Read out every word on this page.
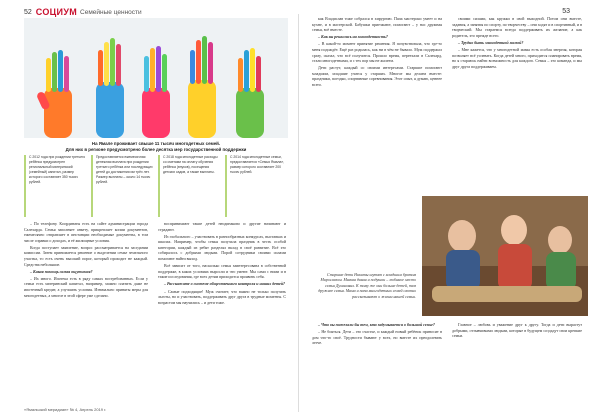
52 СОЦИУМ Семейные ценности
На Ямале проживает свыше 11 тысяч многодетных семей.
Для них в регионе предусмотрено более десятка мер государственной поддержки
С 2012 года при рождении третьего ребёнка предусмотрен региональный материнский (семейный) капитал, размер которого составляет 350 тысяч рублей.
Предоставляется ежемесячная денежная выплата при рождении третьего ребёнка или последующих детей до достижения им трёх лет. Размер выплаты – около 14 тысяч рублей.
С 2018 года многодетные расходы со сметами на оплату обучения ребёнка (внуков), посещения детских садов, а также выплаты.
С 2014 года многодетные семьи, предоставляется «Семья Ямала», размер которого составляет 200 тысяч рублей.

– По телефону. Координаты есть на сайте администрации города Салехарда. Семья заполняет анкету, прикрепляет копии документов, ежемесячно отправляет в инстанции необходимые документы, в том числе справки о доходах, и её жилищные условия.

Когда поступает заявление, вопрос рассматривается на заседании комиссии. Затем принимается решение о выделении семье земельного участка, то есть очень высокий порог, который проходит не каждый. Средства небольшие.

– Какая помощь самая ощутимая?

– Их много. Ипотека есть в ряду самых востребованных. Если у семьи есть материнский капитал, например, можно платить даже не ипотечный кредит, а улучшать условия. Изначально приняты меры для многодетных, а многое в этой сфере уже сделано.

воспринимают такие детей неодинаково и другие начинают и страдают.

Из глобального – участвовать в разнообразных конкурсах, выставках и школах. Например, чтобы семья получала праздник в честь особой категории, каждый из ребят разделял вклад в своё развитие. Всё это собиралось с добрыми людьми. Порой сотрудники своими силами помогают найти выход.

Всё зависит от того, насколько семья заинтересована в собственной поддержке, в каких условиях выросли и что умеют. Мы сами с ними и в такие исследования, где всех детям приходится проявить себя.

– Расскажите о системе общественного контроля и наших детей?

– Самые подходящие! Муж считает, что важно не только получать льготы, но и участвовать, поддерживать друг друга в трудные моменты. С возрастом мы научились – и дети тоже.

«Ямальский меридиан» № 4, Апрель 2019 г.
53

как Владислав тоже собрался в хирургию. Папа мастерски умеет и на кухне, и в мастерской. Бабушки приезжают, помогают – у нас дружная семья, всё вместе.

– Как вы решились на многодетность?

– В какой-то момент принятие решения. Я почувствовала, что где-то меня подождёт. Ещё раз родилась, как ни в чём не бывало. Муж поддержал сразу, сказал, что всё получится. Прошло время, переехали в Салехард, стали многодетными, и с тех пор мы не жалеем.

Дети растут, каждый со своими интересами. Старшие помогают младшим, младшие учатся у старших. Многое мы делаем вместе: праздники, поездки, спортивные соревнования. Этот опыт, я думаю, ценнее всего.

своими силами, как кружки в свой выходной. Потом они вместе, задания, а занятия по спорту, по творчеству – они ходят и в спортивный, и в творческий. Мы стараемся всегда поддерживать их желание, а как родитель, это прежде всего.

– Трудно быть многодетной мамой?

– Мне кажется, что у многодетной мамы есть особая энергия, которая позволяет всё успевать. Когда детей много, приходится планировать время, но я стараюсь найти возможность для каждого. Семья – это команда, и мы друг друга поддерживаем.

Старшие дети Никиты шутят с младшим братом Мирославом. Мягкая диван и подушки – любимое место семьи Духановых. К тому же они больше детей, тем дружнее семья. Мама и папа многодетных семей охотно рассказывают о жизни нашей семьи.

– Что вы пожелали бы тем, кто задумывается о большой семье?

– Не бояться. Дети – это счастье, и каждый новый ребёнок приносит в дом что-то своё. Трудности бывают у всех, но вместе их преодолевать легче.

Главное – любовь и уважение друг к другу. Тогда и дети вырастут добрыми, отзывчивыми людьми, которые в будущем создадут свои крепкие семьи.
